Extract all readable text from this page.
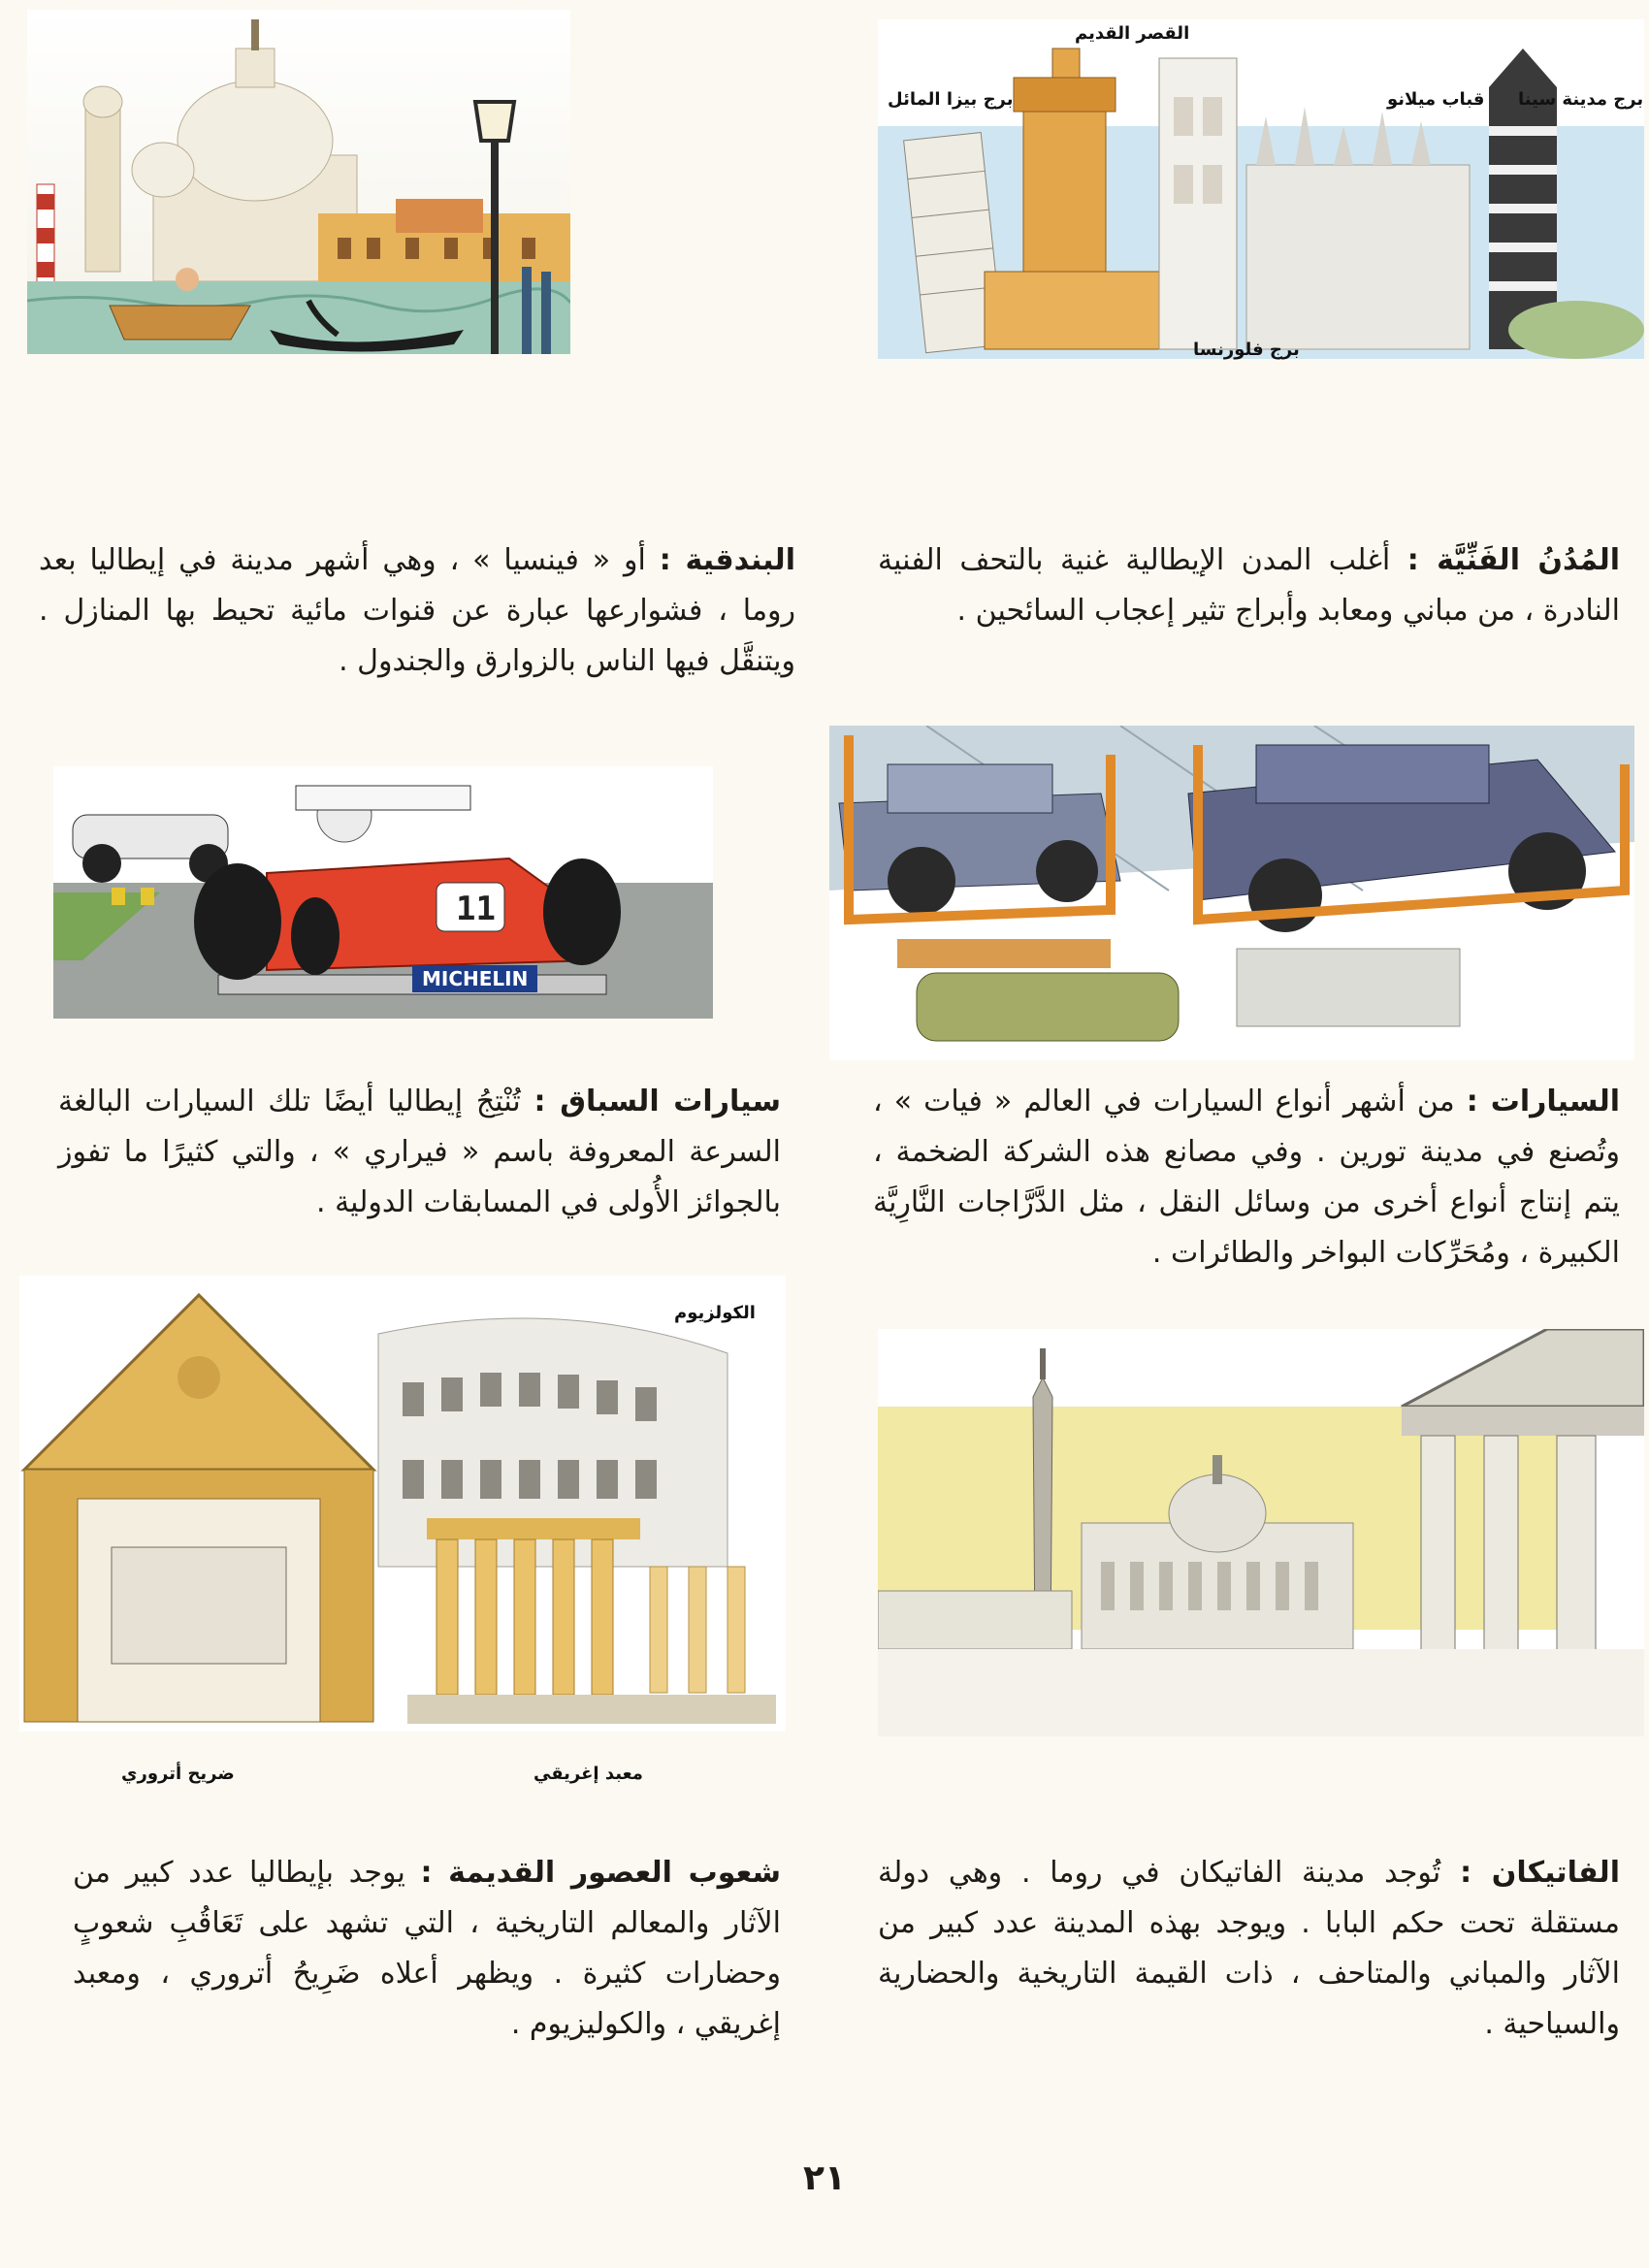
القصر القديم
برج بيزا المائل	قباب ميلانو برج مدينة سينا
برج فلورنسا

البندقية : أو « فينسيا » ، وهي أشهر مدينة في إيطاليا بعد روما ، فشوارعها عبارة عن قنوات مائية تحيط بها المنازل . ويتنقَّل فيها الناس بالزوارق والجندول .

المُدُنُ الفَنِّيَّة : أغلب المدن الإيطالية غنية بالتحف الفنية النادرة ، من مباني ومعابد وأبراج تثير إعجاب السائحين .

11
MICHELIN

سيارات السباق : تُنْتِجُ إيطاليا أيضًا تلك السيارات البالغة السرعة المعروفة باسم « فيراري » ، والتي كثيرًا ما تفوز بالجوائز الأُولى في المسابقات الدولية .

السيارات : من أشهر أنواع السيارات في العالم « فيات » ، وتُصنع في مدينة تورين . وفي مصانع هذه الشركة الضخمة ، يتم إنتاج أنواع أخرى من وسائل النقل ، مثل الدَّرَّاجات النَّارِيَّة الكبيرة ، ومُحَرِّكات البواخر والطائرات .

الكولزيوم
معبد إغريقي
ضريح أتروري

شعوب العصور القديمة : يوجد بإيطاليا عدد كبير من الآثار والمعالم التاريخية ، التي تشهد على تَعَاقُبِ شعوبٍ وحضارات كثيرة . ويظهر أعلاه ضَرِيحُ أتروري ، ومعبد إغريقي ، والكوليزيوم .

الفاتيكان : تُوجد مدينة الفاتيكان في روما . وهي دولة مستقلة تحت حكم البابا . ويوجد بهذه المدينة عدد كبير من الآثار والمباني والمتاحف ، ذات القيمة التاريخية والحضارية والسياحية .

٢١
